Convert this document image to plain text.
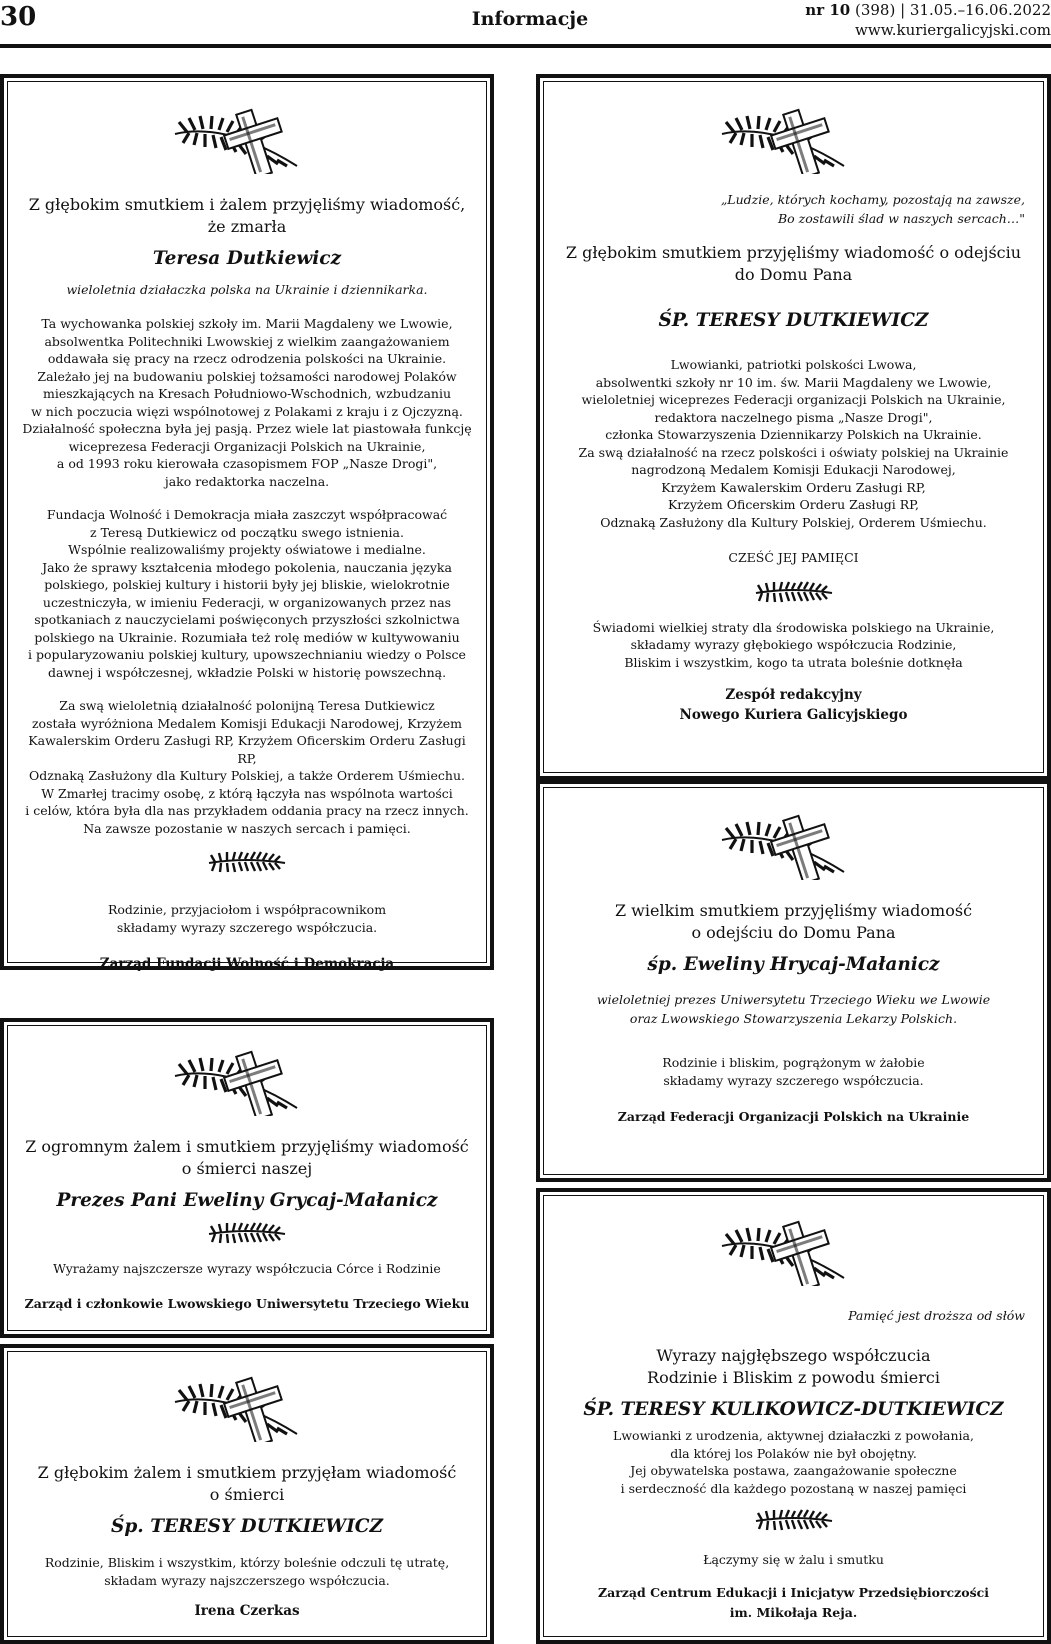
30	Informacje	nr 10 (398) | 31.05.–16.06.2022
www.kuriergalicyjski.com

Z głębokim smutkiem i żalem przyjęliśmy wiadomość,

że zmarła

Teresa Dutkiewicz

wieloletnia działaczka polska na Ukrainie i dziennikarka.

Ta wychowanka polskiej szkoły im. Marii Magdaleny we Lwowie,

absolwentka Politechniki Lwowskiej z wielkim zaangażowaniem

oddawała się pracy na rzecz odrodzenia polskości na Ukrainie.

Zależało jej na budowaniu polskiej tożsamości narodowej Polaków

mieszkających na Kresach Południowo-Wschodnich, wzbudzaniu

w nich poczucia więzi wspólnotowej z Polakami z kraju i z Ojczyzną.

Działalność społeczna była jej pasją. Przez wiele lat piastowała funkcję

wiceprezesa Federacji Organizacji Polskich na Ukrainie,

a od 1993 roku kierowała czasopismem FOP „Nasze Drogi",

jako redaktorka naczelna.

Fundacja Wolność i Demokracja miała zaszczyt współpracować

z Teresą Dutkiewicz od początku swego istnienia.

Wspólnie realizowaliśmy projekty oświatowe i medialne.

Jako że sprawy kształcenia młodego pokolenia, nauczania języka

polskiego, polskiej kultury i historii były jej bliskie, wielokrotnie

uczestniczyła, w imieniu Federacji, w organizowanych przez nas

spotkaniach z nauczycielami poświęconych przyszłości szkolnictwa

polskiego na Ukrainie. Rozumiała też rolę mediów w kultywowaniu

i popularyzowaniu polskiej kultury, upowszechnianiu wiedzy o Polsce

dawnej i współczesnej, wkładzie Polski w historię powszechną.

Za swą wieloletnią działalność polonijną Teresa Dutkiewicz

została wyróżniona Medalem Komisji Edukacji Narodowej, Krzyżem

Kawalerskim Orderu Zasługi RP, Krzyżem Oficerskim Orderu Zasługi RP,

Odznaką Zasłużony dla Kultury Polskiej, a także Orderem Uśmiechu.

W Zmarłej tracimy osobę, z którą łączyła nas wspólnota wartości

i celów, która była dla nas przykładem oddania pracy na rzecz innych.

Na zawsze pozostanie w naszych sercach i pamięci.

Rodzinie, przyjaciołom i współpracownikom

składamy wyrazy szczerego współczucia.

Zarząd Fundacji Wolność i Demokracja

Z ogromnym żalem i smutkiem przyjęliśmy wiadomość

o śmierci naszej

Prezes Pani Eweliny Grycaj-Małanicz

Wyrażamy najszczersze wyrazy współczucia Córce i Rodzinie

Zarząd i członkowie Lwowskiego Uniwersytetu Trzeciego Wieku

Z głębokim żalem i smutkiem przyjęłam wiadomość

o śmierci

Śp. TERESY DUTKIEWICZ

Rodzinie, Bliskim i wszystkim, którzy boleśnie odczuli tę utratę,

składam wyrazy najszczerszego współczucia.

Irena Czerkas

„Ludzie, których kochamy, pozostają na zawsze,

Bo zostawili ślad w naszych sercach…"

Z głębokim smutkiem przyjęliśmy wiadomość o odejściu

do Domu Pana

ŚP. TERESY DUTKIEWICZ

Lwowianki, patriotki polskości Lwowa,

absolwentki szkoły nr 10 im. św. Marii Magdaleny we Lwowie,

wieloletniej wiceprezes Federacji organizacji Polskich na Ukrainie,

redaktora naczelnego pisma „Nasze Drogi",

członka Stowarzyszenia Dziennikarzy Polskich na Ukrainie.

Za swą działalność na rzecz polskości i oświaty polskiej na Ukrainie

nagrodzoną Medalem Komisji Edukacji Narodowej,

Krzyżem Kawalerskim Orderu Zasługi RP,

Krzyżem Oficerskim Orderu Zasługi RP,

Odznaką Zasłużony dla Kultury Polskiej, Orderem Uśmiechu.

CZEŚĆ JEJ PAMIĘCI

Świadomi wielkiej straty dla środowiska polskiego na Ukrainie,

składamy wyrazy głębokiego współczucia Rodzinie,

Bliskim i wszystkim, kogo ta utrata boleśnie dotknęła

Zespół redakcyjny

Nowego Kuriera Galicyjskiego

Z wielkim smutkiem przyjęliśmy wiadomość

o odejściu do Domu Pana

śp. Eweliny Hrycaj-Małanicz

wieloletniej prezes Uniwersytetu Trzeciego Wieku we Lwowie

oraz Lwowskiego Stowarzyszenia Lekarzy Polskich.

Rodzinie i bliskim, pogrążonym w żałobie

składamy wyrazy szczerego współczucia.

Zarząd Federacji Organizacji Polskich na Ukrainie

Pamięć jest droższa od słów

Wyrazy najgłębszego współczucia

Rodzinie i Bliskim z powodu śmierci

ŚP. TERESY KULIKOWICZ-DUTKIEWICZ

Lwowianki z urodzenia, aktywnej działaczki z powołania,

dla której los Polaków nie był obojętny.

Jej obywatelska postawa, zaangażowanie społeczne

i serdeczność dla każdego pozostaną w naszej pamięci

Łączymy się w żalu i smutku

Zarząd Centrum Edukacji i Inicjatyw Przedsiębiorczości

im. Mikołaja Reja.
